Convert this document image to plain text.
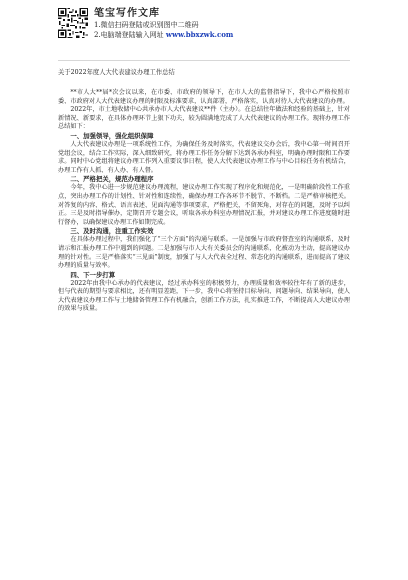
笔宝写作文库
1.微信扫码登陆或识别图中二维码
2.电脑端登陆输入网址 www.bbxzwk.com

关于2022年度人大代表建议办理工作总结

**市人大**届*次会议以来，在市委、市政府的领导下，在市人大的监督指导下，我中心严格按照市委、市政府对人大代表建议办理的时限及标准要求，认真部署，严格落实，认真对待人大代表建议的办理。

2022年，市土地收储中心共承办市人大代表建议**件（主办）。在总结往年做法和经验的基础上，针对新情况、新要求，在具体办理环节上狠下功夫，较为圆满地完成了人大代表建议的办理工作。现将办理工作总结如下：

一、加强领导，强化组织保障

人大代表建议办理是一项系统性工作，为确保任务及时落实，代表建议交办会后，我中心第一时间召开党组会议，结合工作实际，深入细致研究，将办理工作任务分解下达到各承办科室，明确办理时限和工作要求。同时中心党组将建议办理工作列入重要议事日程，使人大代表建议办理工作与中心目标任务有机结合，办理工作有人抓、有人办、有人督。

二、严格把关，规范办理程序

今年，我中心进一步规范建议办理流程，建议办理工作实现了程序化和规范化，一是明确阶段性工作重点，突出办理工作的计划性、针对性和连续性，确保办理工作各环节不脱节、不断档。二是严格审核把关。对答复的内容、格式、语言表述、见面沟通等事项要求，严格把关，不留死角，对存在的问题，及时予以纠正。三是及时指导催办，定期召开专题会议，听取各承办科室办理情况汇报，并对建议办理工作进度随时进行督办，以确保建议办理工作如期完成。

三、及时沟通，注重工作实效

在具体办理过程中，我们强化了“三个方面”的沟通与联系。一是加强与市政府督查室的沟通联系，及时请示和汇报办理工作中遇到的问题。二是加强与市人大有关委员会的沟通联系，化被动为主动，提高建议办理的针对性。三是严格落实“三见面”制度，加强了与人大代表全过程、常态化的沟通联系，进而提高了建议办理的质量与效率。

四、下一步打算

2022年由我中心承办的代表建议，经过承办科室的积极努力，办理质量和效率较往年有了新的进步，但与代表的期望与要求相比，还有明显差距，下一步，我中心将坚持目标导向、问题导向、结果导向，使人大代表建议办理工作与土地储备管理工作有机融合，创新工作方法，扎实推进工作，不断提高人大建议办理的效果与质量。
